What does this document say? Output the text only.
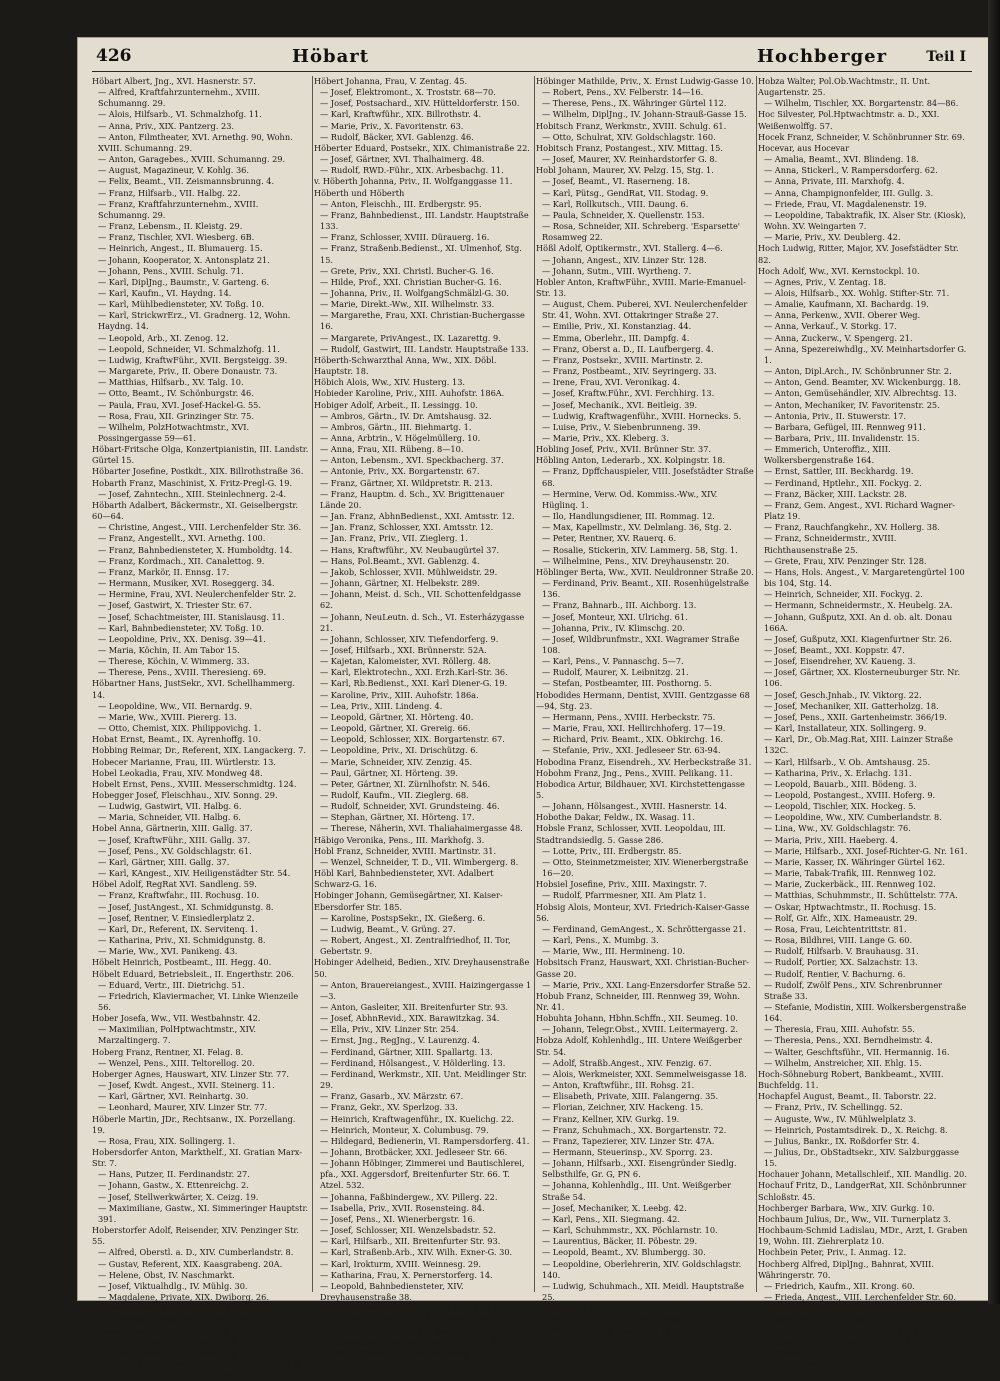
426	Höbart	Hochberger	Teil I

Höbart Albert, Jng., XVI. Hasnerstr. 57.

— Alfred, Kraftfahrzunternehm., XVIII. Schumanng. 29.

— Alois, Hilfsarb., VI. Schmalzhofg. 11.

— Anna, Priv., XIX. Pantzerg. 23.

— Anton, Filmtheater, XVI. Arnethg. 90, Wohn. XVIII. Schumanng. 29.

— Anton, Garagebes., XVIII. Schumanng. 29.

— August, Magazineur, V. Kohlg. 36.

— Felix, Beamt., VII. Zeismannsbrunng. 4.

— Franz, Hilfsarb., VII. Halbg. 22.

— Franz, Kraftfahrzunternehm., XVIII. Schumanng. 29.

— Franz, Lebensm., II. Kleistg. 29.

— Franz, Tischler, XVI. Wiesberg. 6B.

— Heinrich, Angest., II. Blumauerg. 15.

— Johann, Kooperator, X. Antonsplatz 21.

— Johann, Pens., XVIII. Schulg. 71.

— Karl, DiplJng., Baumstr., V. Garteng. 6.

— Karl, Kaufm., VI. Haydng. 14.

— Karl, Mühlbediensteter, XV. Toßg. 10.

— Karl, StrickwrErz., VI. Gradnerg. 12, Wohn. Haydng. 14.

— Leopold, Arb., XI. Zenog. 12.

— Leopold, Schneider, VI. Schmalzhofg. 11.

— Ludwig, KraftwFühr., XVII. Bergsteigg. 39.

— Margarete, Priv., II. Obere Donaustr. 73.

— Matthias, Hilfsarb., XV. Talg. 10.

— Otto, Beamt., IV. Schönburgstr. 46.

— Paula, Frau, XVI. Josef-Hackel-G. 55.

— Rosa, Frau, XII. Grinzinger Str. 75.

— Wilhelm, PolzHotwachtmstr., XVI. Possingergasse 59—61.

Höbart-Fritsche Olga, Konzertpianistin, III. Landstr. Gürtel 15.

Höbarter Josefine, Postkdt., XIX. Billrothstraße 36.

Hobarth Franz, Maschinist, X. Fritz-Pregl-G. 19.

— Josef, Zahntechn., XIII. Steinlechnerg. 2-4.

Höbarth Adalbert, Bäckermstr., XI. Geiselbergstr. 60—64.

— Christine, Angest., VIII. Lerchenfelder Str. 36.

— Franz, Angestellt., XVI. Arnethg. 100.

— Franz, Bahnbediensteter, X. Humboldtg. 14.

— Franz, Kordmach., XII. Canalettog. 9.

— Franz, Markör, II. Ennsg. 17.

— Hermann, Musiker, XVI. Roseggerg. 34.

— Hermine, Frau, XVI. Neulerchenfelder Str. 2.

— Josef, Gastwirt, X. Triester Str. 67.

— Josef, Schachtmeister, III. Stanislausg. 11.

— Karl, Bahnbediensteter, XV. Toßg. 10.

— Leopoldine, Priv., XX. Denisg. 39—41.

— Maria, Köchin, II. Am Tabor 15.

— Therese, Köchin, V. Wimmerg. 33.

— Therese, Pens., XVIII. Theresieng. 69.

Höbartner Hans, JustSekr., XVI. Schellhammerg. 14.

— Leopoldine, Ww., VII. Bernardg. 9.

— Marie, Ww., XVIII. Piererg. 13.

— Otto, Chemist, XIX. Philippovichg. 1.

Hobat Ernst, Beamt., IX. Ayrenhoffg. 10.

Hobbing Reimar, Dr., Referent, XIX. Langackerg. 7.

Hobecer Marianne, Frau, III. Würtlerstr. 13.

Hobel Leokadia, Frau, XIV. Mondweg 48.

Hobelt Ernst, Pens., XVIII. Messerschmidtg. 124.

Hobegger Josef, Fleischhau., XIV. Sonng. 29.

— Ludwig, Gastwirt, VII. Halbg. 6.

— Maria, Schneider, VII. Halbg. 6.

Hobel Anna, Gärtnerin, XIII. Gallg. 37.

— Josef, KraftwFühr., XIII. Gallg. 37.

— Josef, Pens., XV. Goldschlagstr. 61.

— Karl, Gärtner, XIII. Gallg. 37.

— Karl, KAngest., XIV. Heiligenstädter Str. 54.

Höbel Adolf, RegRat XVI. Sandleng. 59.

— Franz, Kraftwfahr., III. Rochusg. 10.

— Josef, JustAngest., XI. Schmidgunstg. 8.

— Josef, Rentner, V. Einsiedlerplatz 2.

— Karl, Dr., Referent, IX. Servitenq. 1.

— Katharina, Priv., XI. Schmidgunstg. 8.

— Marie, Ww., XVI. Panikeng. 43.

Höbelt Heinrich, Postbeamt., III. Hegg. 40.

Höbelt Eduard, Betriebsleit., II. Engerthstr. 206.

— Eduard, Vertr., III. Dietrichg. 51.

— Friedrich, Klaviermacher, VI. Linke Wienzeile 56.

Hober Josefa, Ww., VII. Westbahnstr. 42.

— Maximilian, PolHptwachtmstr., XIV. Marzaltingerg. 7.

Hoberg Franz, Rentner, XI. Felag. 8.

— Wenzel, Pens., XIII. Teltorellog. 20.

Hoberger Agnes, Hauswart, XIV. Linzer Str. 77.

— Josef, Kwdt. Angest., XVII. Steinerg. 11.

— Karl, Gärtner, XVI. Reinhartg. 30.

— Leonhard, Maurer, XIV. Linzer Str. 77.

Höberle Martin, JDr., Rechtsanw., IX. Porzellang. 19.

— Rosa, Frau, XIX. Sollingerg. 1.

Hobersdorfer Anton, Markthelf., XI. Gratian Marx-Str. 7.

— Hans, Putzer, II. Ferdinandstr. 27.

— Johann, Gastw., X. Ettenreichg. 2.

— Josef, Stellwerkwärter, X. Ceizg. 19.

— Maximiliane, Gastw., XI. Simmeringer Hauptstr. 391.

Hoberstorfer Adolf, Reisender, XIV. Penzinger Str. 55.

— Alfred, Oberstl. a. D., XIV. Cumberlandstr. 8.

— Gustav, Referent, XIX. Kaasgrabeng. 20A.

— Helene, Obst, IV. Naschmarkt.

— Josef, Viktualhdlg., IV. Mühlg. 30.

— Magdalene, Private, XIX. Dwiborg. 26.

— Maria, Priv., XVI. Stahlener Str. 16.

— Theresia, Postbeamt., III. Würtlerstr. 28.

Höbert Anna, Priv., VI. Liniesg. 8.

— Franz, Bäcker, XVI. Payerg. 38.

— Franz, Portier, XVII. Paschingg. 1.

— Franz, Kb.Bedienst., X. Randhartingergasse 8.

— Georg, Elektromont., IX. Türkenstr. 23.

Höbert Johanna, Frau, V. Zentag. 45.

— Josef, Elektromont., X. Troststr. 68—70.

— Josef, Postsachard., XIV. Hütteldorferstr. 150.

— Karl, Kraftwführ., XIX. Billrothstr. 4.

— Marie, Priv., X. Favoritenstr. 63.

— Rudolf, Bäcker, XVI. Gablenzg. 46.

Höberter Eduard, Postsekr., XIX. Chimanistraße 22.

— Josef, Gärtner, XVI. Thalhaimerg. 48.

— Rudolf, RWD.-Führ., XIX. Arbesbachg. 11.

v. Höberth Johanna, Priv., II. Wolfganggasse 11.

Höberth und Höberth

— Anton, Fleischh., III. Erdbergstr. 95.

— Franz, Bahnbedienst., III. Landstr. Hauptstraße 133.

— Franz, Schlosser, XVIII. Dürauerg. 16.

— Franz, Straßenb.Bedienst., XI. Ulmenhof, Stg. 15.

— Grete, Priv., XXI. Christl. Bucher-G. 16.

— Hilde, Prof., XXI. Christian Bucher-G. 16.

— Johanna, Priv., II. WolfgangSchmälzl-G. 30.

— Marie, Direkt.-Ww., XII. Wilhelmstr. 33.

— Margarethe, Frau, XXI. Christian-Buchergasse 16.

— Margarete, PrivAngest., IX. Lazarettg. 9.

— Rudolf, Gastwirt, III. Landstr. Hauptstraße 133.

Höberth-Schwarzthal Anna, Ww., XIX. Döbl. Hauptstr. 18.

Höbich Alois, Ww., XIV. Husterg. 13.

Hobieder Karoline, Priv., XIII. Auhofstr. 186A.

Hobiger Adolf, Arbeit., II. Lessingg. 10.

— Ambros, Gärtn., IV. Dr. Amtshausg. 32.

— Ambros, Gärtn., III. Biehmartg. 1.

— Anna, Arbtrin., V. Högelmüllerg. 10.

— Anna, Frau, XII. Rübeng. 8—10.

— Anton, Lebensm., XVI. Speckbacherg. 37.

— Antonie, Priv., XX. Borgartenstr. 67.

— Franz, Gärtner, XI. Wildpretstr. R. 213.

— Franz, Hauptm. d. Sch., XV. Brigittenauer Lände 20.

— Jan. Franz, AbhnBedienst., XXI. Amtsstr. 12.

— Jan. Franz, Schlosser, XXI. Amtsstr. 12.

— Jan. Franz, Priv., VII. Zieglerg. 1.

— Hans, Kraftwführ., XV. Neubaugürtel 37.

— Hans, Pol.Beamt., XVI. Gablenzg. 4.

— Jakob, Schlosser, XVII. Mühlweidstr. 29.

— Johann, Gärtner, XI. Helbekstr. 289.

— Johann, Meist. d. Sch., VII. Schottenfeldgasse 62.

— Johann, NeuLeutn. d. Sch., VI. Esterházygasse 21.

— Johann, Schlosser, XIV. Tiefendorferg. 9.

— Josef, Hilfsarb., XXI. Brünnerstr. 52A.

— Kajetan, Kalomeister, XVI. Röllerg. 48.

— Karl, Elektrotechn., XXI. Erzh.Karl-Str. 36.

— Karl, Rb.Bedienst., XXI. Karl Diener-G. 19.

— Karoline, Priv., XIII. Auhofstr. 186a.

— Lea, Priv., XIII. Lindeng. 4.

— Leopold, Gärtner, XI. Hörteng. 40.

— Leopold, Gärtner, XI. Grereig. 66.

— Leopold, Schlosser, XIX. Borgartenstr. 67.

— Leopoldine, Priv., XI. Drischützg. 6.

— Marie, Schneider, XIV. Zenzig. 45.

— Paul, Gärtner, XI. Hörteng. 39.

— Peter, Gärtner, XI. Zürnlhofstr. N. 546.

— Rudolf, Kaufm., VII. Zieglerg. 68.

— Rudolf, Schneider, XVI. Grundsteing. 46.

— Stephan, Gärtner, XI. Hörteng. 17.

— Therese, Näherin, XVI. Thaliahaimergasse 48.

Häbigo Veronika, Pens., III. Markhofg. 3.

Hobl Franz, Schneider, XVIII. Martinstr. 31.

— Wenzel, Schneider, T. D., VII. Wimbergerg. 8.

Höbl Karl, Bahnbediensteter, XVI. Adalbert Schwarz-G. 16.

Hobinger Johann, Gemüsegärtner, XI. Kaiser-Ebersdorfer Str. 185.

— Karoline, PostspSekr., IX. Gießerg. 6.

— Ludwig, Beamt., V. Grüng. 27.

— Robert, Angest., XI. Zentralfriedhof, II. Tor, Gebertstr. 9.

Hobinger Adelheid, Bedien., XIV. Dreyhausenstraße 50.

— Anton, Brauereiangest., XVIII. Haizingergasse 1—3.

— Anton, Gasleiter, XII. Breitenfurter Str. 93.

— Josef, AbhnRevid., XIX. Barawitzkag. 34.

— Ella, Priv., XIV. Linzer Str. 254.

— Ernst, Jng., RegJng., V. Laurenzg. 4.

— Ferdinand, Gärtner, XIII. Spallartg. 13.

— Ferdinand, Hölsangest., V. Hölderling. 13.

— Ferdinand, Werkmstr., XII. Unt. Meidlinger Str. 29.

— Franz, Gasarb., XV. Märzstr. 67.

— Franz, Gekr., XV. Sperlzog. 33.

— Heinrich, Kraftwagenführ., IX. Kuelichg. 22.

— Heinrich, Monteur, X. Columbusg. 79.

— Hildegard, Bedienerin, VI. Rampersdorferg. 41.

— Johann, Brotbäcker, XXI. Jedleseer Str. 66.

— Johann Höbinger, Zimmerei und Bautischlerei, pfa., XXI. Aggersdorf, Breitenfurter Str. 66. T. Atzel. 532.

— Johanna, Faßbindergew., XV. Pillerg. 22.

— Isabella, Priv., XVII. Rosensteing. 84.

— Josef, Pens., XI. Wienerbergstr. 16.

— Josef, Schlosser, XII. Wenzelsbadstr. 52.

— Karl, Hilfsarb., XII. Breitenfurter Str. 93.

— Karl, Straßenb.Arb., XIV. Wilh. Exner-G. 30.

— Karl, Irokturm, XVIII. Weinnesg. 29.

— Katharina, Frau, X. Pernerstorferg. 14.

— Leopold, Bahnbediensteter, XIV. Dreyhausenstraße 38.

— Leopold, Maurer, XI. Eisteichstr. 10—12.

— Leopold, Pol.Beamt., XXI. Leopoldg. 95.

— Leopold, RAB-Führ., XII. Bornig. 55.

— Leopoldine, Frau, VII. Mariahilfer Str. 82.

— Maria, Marktfahr., XVI. Panikeng. 41.

Höbinger Mathilde, Priv., X. Ernst Ludwig-Gasse 10.

— Robert, Pens., XV. Felberstr. 14—16.

— Therese, Pens., IX. Währinger Gürtel 112.

— Wilhelm, DiplJng., IV. Johann-Strauß-Gasse 15.

Hobitsch Franz, Werkmstr., XVIII. Schulg. 61.

— Otto, Schulrat, XIV. Goldschlagstr. 160.

Hobitsch Franz, Postangest., XIV. Mittag. 15.

— Josef, Maurer, XV. Reinhardstorfer G. 8.

Hobl Johann, Maurer, XV. Pelzg. 15, Stg. 1.

— Josef, Beamt., VI. Raserneng. 18.

— Karl, Pütsg., GendRat, VII. Stodag. 9.

— Karl, Rollkutsch., VIII. Daung. 6.

— Paula, Schneider, X. Quellenstr. 153.

— Rosa, Schneider, XII. Schreberg. 'Esparsette' Rosamweg 22.

Hößl Adolf, Optikermstr., XVI. Stallerg. 4—6.

— Johann, Angest., XIV. Linzer Str. 128.

— Johann, Sutm., VIII. Wyrtheng. 7.

Hobler Anton, KraftwFühr., XVIII. Marie-Emanuel-Str. 13.

— August, Chem. Puberei, XVI. Neulerchenfelder Str. 41, Wohn. XVI. Ottakringer Straße 27.

— Emilie, Priv., XI. Konstanziag. 44.

— Emma, Oberlehr., III. Dampfg. 4.

— Franz, Oberst a. D., II. Laufbergerg. 4.

— Franz, Postsekr., XVIII. Martinstr. 2.

— Franz, Postbeamt., XIV. Seyringerg. 33.

— Irene, Frau, XVI. Veronikag. 4.

— Josef, Kraftw.Führ., XVI. Ferchhirg. 13.

— Josef, Mechanik., XVI. Beitleig. 39.

— Ludwig, Kraftwagenführ., XVIII. Hornecks. 5.

— Luise, Priv., V. Siebenbrunneng. 39.

— Marie, Priv., XX. Kleberg. 3.

Hobling Josef, Priv., XVII. Brünner Str. 37.

Höbling Anton, Lederarb., XX. Kolpingstr. 18.

— Franz, Dpffchauspieler, VIII. Josefstädter Straße 68.

— Hermine, Verw. Od. Kommiss.-Ww., XIV. Hüglinq. 1.

— Ilo, Handlungsdiener, III. Rommag. 12.

— Max, Kapellmstr., XV. Delmlang. 36, Stg. 2.

— Peter, Rentner, XV. Rauerq. 6.

— Rosalie, Stickerin, XIV. Lammerg. 58, Stg. 1.

— Wilhelmine, Pens., XIV. Dreyhausenstr. 20.

Höblinger Berta, Ww., XVII. Neuldronner Straße 20.

— Ferdinand, Priv. Beamt., XII. Rosenhügelstraße 136.

— Franz, Bahnarb., III. Aichborg. 13.

— Josef, Monteur, XXI. Ulrichg. 61.

— Johanna, Priv., IV. Klimschg. 20.

— Josef, Wildbrunfmstr., XXI. Wagramer Straße 108.

— Karl, Pens., V. Pannaschg. 5—7.

— Rudolf, Maurer, X. Leibnitzg. 21.

— Stefan, Postbeamter, III. Posthorng. 5.

Hobodides Hermann, Dentist, XVIII. Gentzgasse 68—94, Stg. 23.

— Hermann, Pens., XVIII. Herbeckstr. 75.

— Marie, Frau, XXI. Hellirchhoferg. 17—19.

— Richard, Priv. Beamt., XIX. Obkirchg. 16.

— Stefanie, Priv., XXI. Jedleseer Str. 63-94.

Hobodina Franz, Eisendreh., XV. Herbeckstraße 31.

Hobohm Franz, Jng., Pens., XVIII. Pelikang. 11.

Hobodica Artur, Bildhauer, XVI. Kirchstettengasse 5.

— Johann, Hölsangest., XVIII. Hasnerstr. 14.

Hobothe Dakar, Feldw., IX. Wasag. 11.

Hobsle Franz, Schlosser, XVII. Leopoldau, III. Stadtrandsiedlg. 5. Gasse 286.

— Lotte, Priv., III. Erdbergstr. 85.

— Otto, Steinmetzmeister, XIV. Wienerbergstraße 16—20.

Hobsiel Josefine, Priv., XIII. Maxingstr. 7.

— Rudolf, Pfarrmesner, XII. Am Platz 1.

Hobsig Alois, Monteur, XVI. Friedrich-Kaiser-Gasse 56.

— Ferdinand, GemAngest., X. Schröttergasse 21.

— Karl, Pens., X. Mumbg. 3.

— Marie, Ww., III. Hermineng. 10.

Hobsitsch Franz, Hauswart, XXI. Christian-Bucher-Gasse 20.

— Marie, Priv., XXI. Lang-Enzersdorfer Straße 52.

Hobub Franz, Schneider, III. Rennweg 39, Wohn. Nr. 41.

Hobuhta Johann, Hbhn.Schffn., XII. Seumeg. 10.

— Johann, Telegr.Obst., XVIII. Leitermayerg. 2.

Hobza Adolf, Kohlenhdlg., III. Untere Weißgerber Str. 54.

— Adolf, Straßb.Angest., XIV. Fenzig. 67.

— Alois, Werkmeister, XXI. Semmelweisgasse 18.

— Anton, Kraftwführ., III. Rohsg. 21.

— Elisabeth, Private, XIII. Falangerng. 35.

— Florian, Zeichner, XIV. Hackeng. 15.

— Franz, Kellner, XIV. Gurkg. 19.

— Franz, Schuhmach., XX. Borgartenstr. 72.

— Franz, Tapezierer, XIV. Linzer Str. 47A.

— Hermann, Steuerinsp., XV. Sporrg. 23.

— Johann, Hilfsarb., XXI. Eisengründer Siedlg. Selbsthilfe, Gr. G, PN 6.

— Johanna, Kohlenhdlg., III. Unt. Weißgerber Straße 54.

— Josef, Mechaniker, X. Leebg. 42.

— Karl, Pens., XII. Siegmang. 42.

— Karl, Schuhmmstr., XX. Pöchlarnstr. 10.

— Laurentius, Bäcker, II. Pöbestr. 29.

— Leopold, Beamt., XV. Blumbergg. 30.

— Leopoldine, Oberlehrerin, XIV. Goldschlagstr. 140.

— Ludwig, Schuhmach., XII. Meidl. Hauptstraße 25.

— Ludwig, Tischler, XX. Engerthstr. 86.

— Maria, Jiflm., XX. Wiederhänger. 3.

— Marie, Priv., X. Laaer Str. 16—20.

Hobza Walter, Pol.Ob.Wachtmstr., II. Unt. Augartenstr. 25.

— Wilhelm, Tischler, XX. Borgartenstr. 84—86.

Hoc Silvester, Pol.Hptwachtmstr. a. D., XXI. Weißenwolffg. 57.

Hocek Franz, Schneider, V. Schönbrunner Str. 69.

Hocevar, aus Hocevar

— Amalia, Beamt., XVI. Blindeng. 18.

— Anna, Stickerl., V. Rampersdorferg. 62.

— Anna, Private, III. Marxhofg. 4.

— Anna, Champignonfelder, III. Gullg. 3.

— Friede, Frau, VI. Magdalenenstr. 19.

— Leopoldine, Tabaktrafik, IX. Alser Str. (Kiosk), Wohn. XV. Weingarten 7.

— Marie, Priv., XV. Deublerg. 42.

Hoch Ludwig, Ritter, Major, XV. Josefstädter Str. 82.

Hoch Adolf, Ww., XVI. Kernstockpl. 10.

— Agnes, Priv., V. Zentag. 18.

— Alois, Hilfsarb., XX. Wohlg. Stifter-Str. 71.

— Amalie, Kaufmann, XI. Bachardg. 19.

— Anna, Perkenw., XVII. Oberer Weg.

— Anna, Verkauf., V. Storkg. 17.

— Anna, Zuckerw., V. Spengerg. 21.

— Anna, Spezereiwhdlg., XV. Meinhartsdorfer G. 1.

— Anton, Dipl.Arch., IV. Schönbrunner Str. 2.

— Anton, Gend. Beamter, XV. Wickenburgg. 18.

— Anton, Gemüsehändler, XIV. Albrechtsg. 13.

— Anton, Mechaniker, IV. Favoritenstr. 25.

— Antonia, Priv., II. Stuwerstr. 17.

— Barbara, Gefügel, III. Rennweg 911.

— Barbara, Priv., III. Invalidenstr. 15.

— Emmerich, Unteroffiz., XIII. Wolkersbergenstraße 164.

— Ernst, Sattler, III. Beckhardg. 19.

— Ferdinand, Hptlehr., XII. Fockyg. 2.

— Franz, Bäcker, XIII. Lackstr. 28.

— Franz, Gem. Angest., XVI. Richard Wagner-Platz 19.

— Franz, Rauchfangkehr., XV. Hollerg. 38.

— Franz, Schneidermstr., XVIII. Richthausenstraße 25.

— Grete, Frau, XIV. Penzinger Str. 128.

— Hans, Hols. Angest., V. Margaretengürtel 100 bis 104, Stg. 14.

— Heinrich, Schneider, XII. Fockyg. 2.

— Hermann, Schneidermstr., X. Heubelg. 2A.

— Johann, Gußputz, XXI. An d. ob. alt. Donau 166A.

— Josef, Gußputz, XXI. Kiagenfurtner Str. 26.

— Josef, Beamt., XXI. Koppstr. 47.

— Josef, Eisendreher, XV. Kaueng. 3.

— Josef, Gärtner, XX. Klosterneuburger Str. Nr. 106.

— Josef, Gesch.Jnhab., IV. Viktorg. 22.

— Josef, Mechaniker, XII. Gatterholzg. 18.

— Josef, Pens., XXII. Gartenheimstr. 366/19.

— Karl, Installateur, XIX. Sollingerg. 9.

— Karl, Dr., Ob.Mag.Rat, XIII. Lainzer Straße 132C.

— Karl, Hilfsarb., V. Ob. Amtshausg. 25.

— Katharina, Priv., X. Erlachg. 131.

— Leopold, Bauarb., XIII. Bödeng. 3.

— Leopold, Postangest., XVIII. Hoferg. 9.

— Leopold, Tischler, XIX. Hockeg. 5.

— Leopoldine, Ww., XIV. Cumberlandstr. 8.

— Lina, Ww., XV. Goldschlagstr. 76.

— Maria, Priv., XIII. Haeberg. 4.

— Marie, Hilfsarb., XXI. Josef-Richter-G. Nr. 161.

— Marie, Kasser, IX. Währinger Gürtel 162.

— Marie, Tabak-Trafik, III. Rennweg 102.

— Marie, Zuckerbäck., III. Rennweg 102.

— Matthias, Schuhmmstr., II. Schüttelstr. 77A.

— Oskar, Hptwachtmstr., II. Rochusg. 15.

— Rolf, Gr. Alfr., XIX. Hameaustr. 29.

— Rosa, Frau, Leichtentrittstr. 81.

— Rosa, Bildhrei, VIII. Lange G. 60.

— Rudolf, Hilfsarb. V. Brauhausg. 31.

— Rudolf, Portier, XX. Salzachstr. 13.

— Rudolf, Rentier, V. Bachurng. 6.

— Rudolf, Zwölf Pens., XIV. Schrenbrunner Straße 33.

— Stefanie, Modistin, XIII. Wolkersbergenstraße 164.

— Theresia, Frau, XIII. Auhofstr. 55.

— Theresia, Pens., XXI. Berndheimstr. 4.

— Walter, Geschftsführ., VII. Hermannig. 16.

— Wilhelm, Anstreicher, XII. Ehlg. 15.

Hoch-Söhneburg Robert, Bankbeamt., XVIII. Buchfeldg. 11.

Hochapfel August, Beamt., II. Taborstr. 22.

— Franz, Priv., IV. Schellingg. 52.

— Auguste, Ww., IV. Mühlwelplatz 3.

— Heinrich, Postamtsdirek. D., X. Reichg. 8.

— Julius, Bankr., IX. Roßdorfer Str. 4.

— Julius, Dr., ObStadtsekr., XIV. Salzburggasse 15.

Hochauer Johann, Metallschleif., XII. Mandlig. 20.

Hochauf Fritz, D., LandgerRat, XII. Schönbrunner Schloßstr. 45.

Hochberger Barbara, Ww., XIV. Gurkg. 10.

Hochbaum Julius, Dr., Ww., VII. Turnerplatz 3.

Hochbaum-Schmid Ladislau, MDr., Arzt, I. Graben 19, Wohn. III. Ziehrerplatz 10.

Hochbein Peter, Priv., I. Anmag. 12.

Hochberg Alfred, DiplJng., Bahnrat, XVIII. Währingerstr. 70.

— Friedrich, Kaufm., XII. Krong. 60.

— Frieda, Angest., VIII. Lerchenfelder Str. 60.

— Hermine, Stabsleit., V. Kronsg. 15.

— Josefine, Ww., XIII. Khunng. 15.

— Leopold, Spengler, III. Khunng. 15.

Hochberger Alfons, MaschZeichn., XX. Greifensteing. 4.

— Anna, Frau, II. Praterstr. 26.
